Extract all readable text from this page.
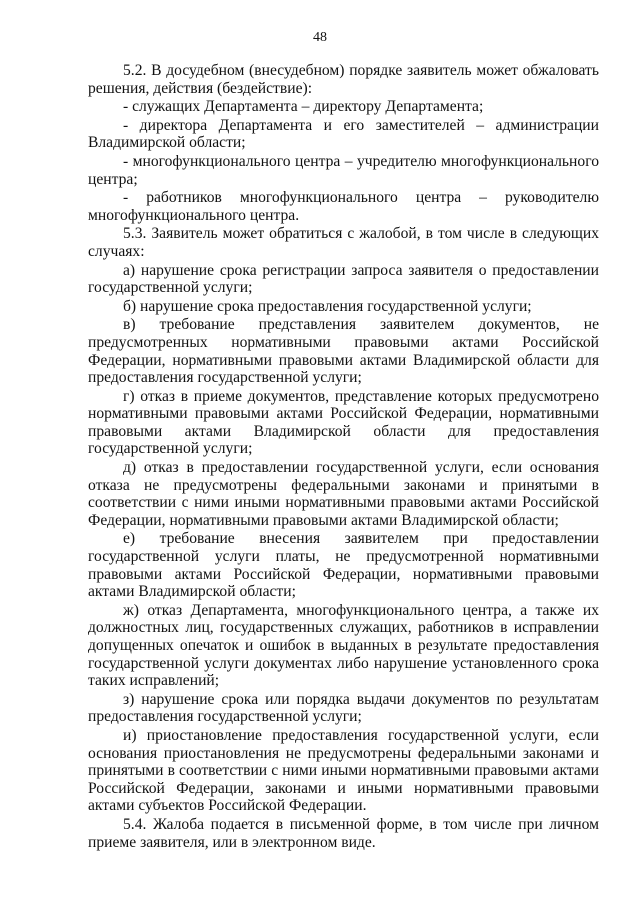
48

5.2. В досудебном (внесудебном) порядке заявитель может обжаловать решения, действия (бездействие):

- служащих Департамента – директору Департамента;

- директора Департамента и его заместителей – администрации Владимирской области;

- многофункционального центра – учредителю многофункционального центра;

- работников многофункционального центра – руководителю многофункционального центра.

5.3. Заявитель может обратиться с жалобой, в том числе в следующих случаях:

а) нарушение срока регистрации запроса заявителя о предоставлении государственной услуги;

б) нарушение срока предоставления государственной услуги;

в) требование представления заявителем документов, не предусмотренных нормативными правовыми актами Российской Федерации, нормативными правовыми актами Владимирской области для предоставления государственной услуги;

г) отказ в приеме документов, представление которых предусмотрено нормативными правовыми актами Российской Федерации, нормативными правовыми актами Владимирской области для предоставления государственной услуги;

д) отказ в предоставлении государственной услуги, если основания отказа не предусмотрены федеральными законами и принятыми в соответствии с ними иными нормативными правовыми актами Российской Федерации, нормативными правовыми актами Владимирской области;

е) требование внесения заявителем при предоставлении государственной услуги платы, не предусмотренной нормативными правовыми актами Российской Федерации, нормативными правовыми актами Владимирской области;

ж) отказ Департамента, многофункционального центра, а также их должностных лиц, государственных служащих, работников в исправлении допущенных опечаток и ошибок в выданных в результате предоставления государственной услуги документах либо нарушение установленного срока таких исправлений;

з) нарушение срока или порядка выдачи документов по результатам предоставления государственной услуги;

и) приостановление предоставления государственной услуги, если основания приостановления не предусмотрены федеральными законами и принятыми в соответствии с ними иными нормативными правовыми актами Российской Федерации, законами и иными нормативными правовыми актами субъектов Российской Федерации.

5.4. Жалоба подается в письменной форме, в том числе при личном приеме заявителя, или в электронном виде.
